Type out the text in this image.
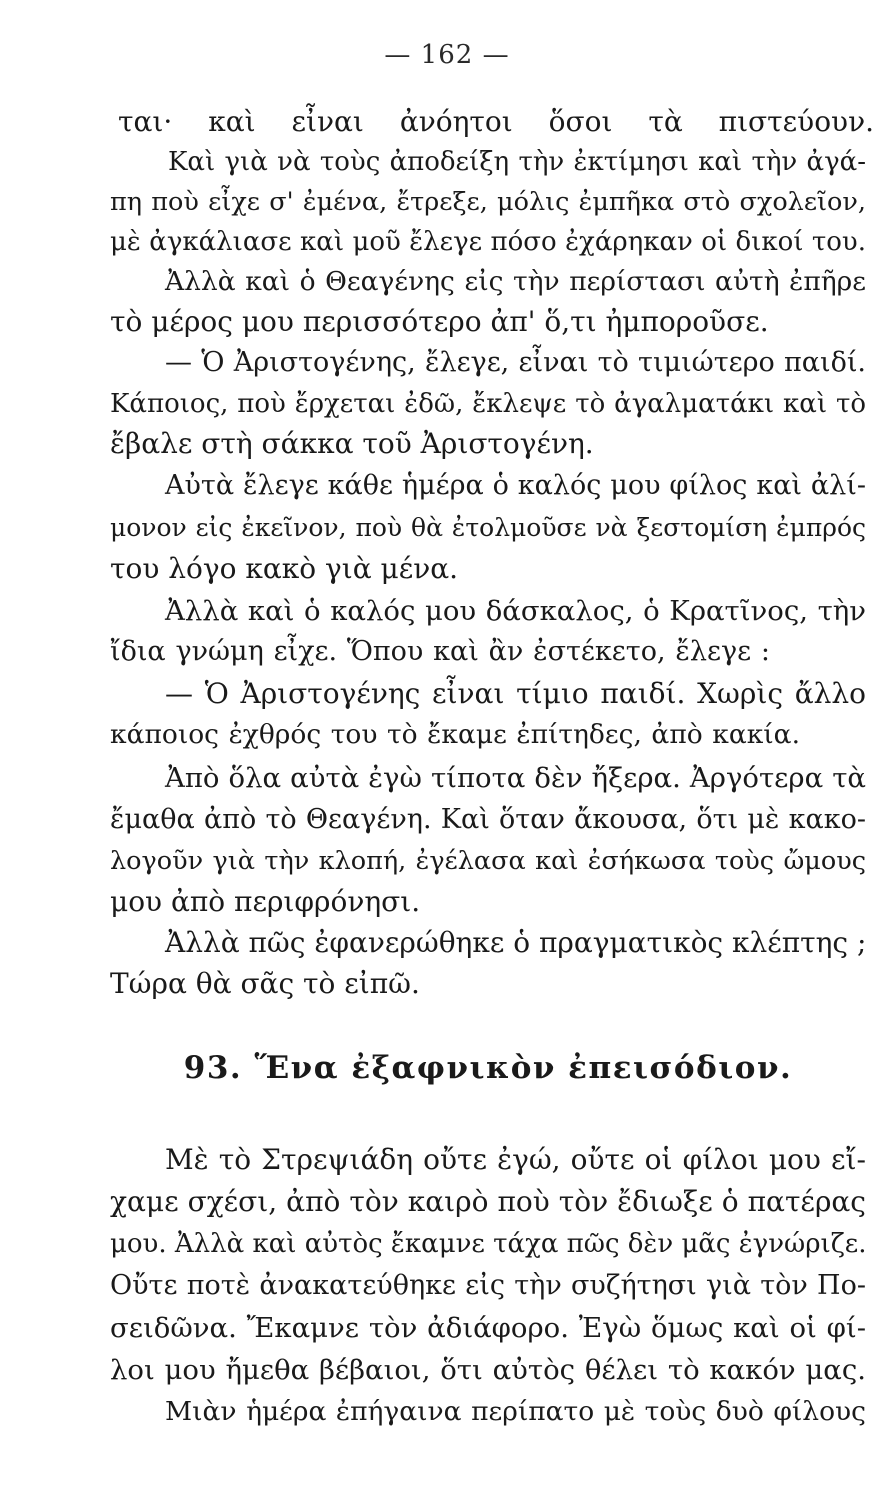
— 162 —
ται· καὶ εἶναι ἀνόητοι ὅσοι τὰ πιστεύουν.
Καὶ γιὰ νὰ τοὺς ἀποδείξη τὴν ἐκτίμησι καὶ τὴν ἀγά-
πη ποὺ εἶχε σ' ἐμένα, ἔτρεξε, μόλις ἐμπῆκα στὸ σχολεῖον,
μὲ ἀγκάλιασε καὶ μοῦ ἔλεγε πόσο ἐχάρηκαν οἱ δικοί του.
Ἀλλὰ καὶ ὁ Θεαγένης εἰς τὴν περίστασι αὐτὴ ἐπῆρε
τὸ μέρος μου περισσότερο ἀπ' ὅ,τι ἠμποροῦσε.
— Ὁ Ἀριστογένης, ἔλεγε, εἶναι τὸ τιμιώτερο παιδί.
Κάποιος, ποὺ ἔρχεται ἐδῶ, ἔκλεψε τὸ ἀγαλματάκι καὶ τὸ
ἔβαλε στὴ σάκκα τοῦ Ἀριστογένη.
Αὐτὰ ἔλεγε κάθε ἡμέρα ὁ καλός μου φίλος καὶ ἀλί-
μονον εἰς ἐκεῖνον, ποὺ θὰ ἐτολμοῦσε νὰ ξεστομίση ἐμπρός
του λόγο κακὸ γιὰ μένα.
Ἀλλὰ καὶ ὁ καλός μου δάσκαλος, ὁ Κρατῖνος, τὴν
ἴδια γνώμη εἶχε. Ὅπου καὶ ἂν ἐστέκετο, ἔλεγε :
— Ὁ Ἀριστογένης εἶναι τίμιο παιδί. Χωρὶς ἄλλο
κάποιος ἐχθρός του τὸ ἔκαμε ἐπίτηδες, ἀπὸ κακία.
Ἀπὸ ὅλα αὐτὰ ἐγὼ τίποτα δὲν ἤξερα. Ἀργότερα τὰ
ἔμαθα ἀπὸ τὸ Θεαγένη. Καὶ ὅταν ἄκουσα, ὅτι μὲ κακο-
λογοῦν γιὰ τὴν κλοπή, ἐγέλασα καὶ ἐσήκωσα τοὺς ὤμους
μου ἀπὸ περιφρόνησι.
Ἀλλὰ πῶς ἐφανερώθηκε ὁ πραγματικὸς κλέπτης ;
Τώρα θὰ σᾶς τὸ εἰπῶ.
93. Ἕνα ἐξαφνικὸν ἐπεισόδιον.
Μὲ τὸ Στρεψιάδη οὔτε ἐγώ, οὔτε οἱ φίλοι μου εἴ-
χαμε σχέσι, ἀπὸ τὸν καιρὸ ποὺ τὸν ἔδιωξε ὁ πατέρας
μου. Ἀλλὰ καὶ αὐτὸς ἔκαμνε τάχα πῶς δὲν μᾶς ἐγνώριζε.
Οὔτε ποτὲ ἀνακατεύθηκε εἰς τὴν συζήτησι γιὰ τὸν Πο-
σειδῶνα. Ἔκαμνε τὸν ἀδιάφορο. Ἐγὼ ὅμως καὶ οἱ φί-
λοι μου ἤμεθα βέβαιοι, ὅτι αὐτὸς θέλει τὸ κακόν μας.
Μιὰν ἡμέρα ἐπήγαινα περίπατο μὲ τοὺς δυὸ φίλους
